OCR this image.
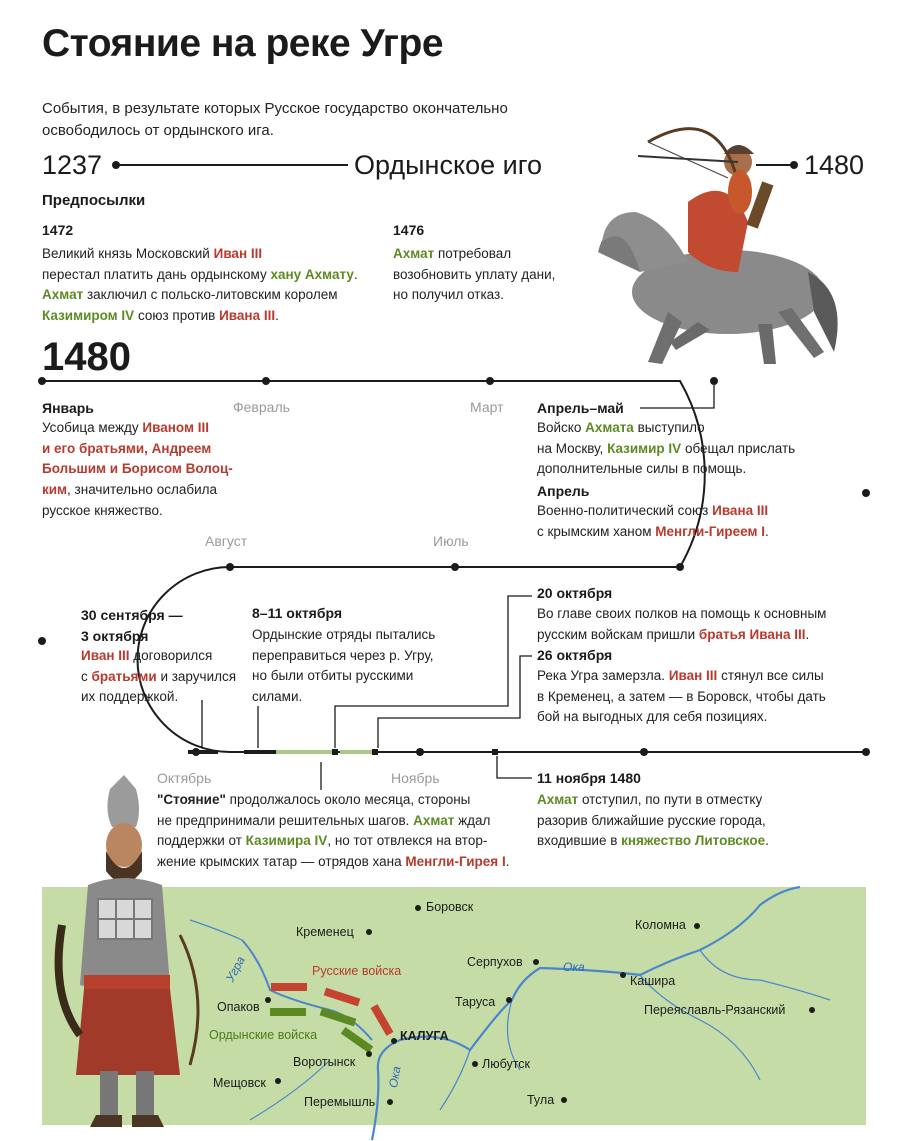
Стояние на реке Угре
События, в результате которых Русское государство окончательно освободилось от ордынского ига.
1237	Ордынское иго	1480
Предпосылки
1472
Великий князь Московский Иван III
перестал платить дань ордынскому хану Ахмату.
Ахмат заключил с польско-литовским королем
Казимиром IV союз против Ивана III.
1476
Ахмат потребовал
возобновить уплату дани,
но получил отказ.
1480
Февраль	Март
Август	Июль
Октябрь	Ноябрь
Январь
Усобица между Иваном III
и его братьями, Андреем
Большим и Борисом Волоц-
ким, значительно ослабила
русское княжество.
Апрель–май
Войско Ахмата выступило
на Москву, Казимир IV обещал прислать
дополнительные силы в помощь.
Апрель
Военно-политический союз Ивана III
с крымским ханом Менгли-Гиреем I.
30 сентября —
3 октября
Иван III договорился
с братьями и заручился
их поддержкой.
8–11 октября
Ордынские отряды пытались
переправиться через р. Угру,
но были отбиты русскими
силами.
20 октября
Во главе своих полков на помощь к основным
русским войскам пришли братья Ивана III.
26 октября
Река Угра замерзла. Иван III стянул все силы
в Кременец, а затем — в Боровск, чтобы дать
бой на выгодных для себя позициях.
"Стояние" продолжалось около месяца, стороны
не предпринимали решительных шагов. Ахмат ждал
поддержки от Казимира IV, но тот отвлекся на втор-
жение крымских татар — отрядов хана Менгли-Гирея I.
11 ноября 1480
Ахмат отступил, по пути в отместку
разорив ближайшие русские города,
входившие в княжество Литовское.
Боровск
Кременец
Серпухов
Коломна
Кашира
Таруса
Переяславль-Рязанский
Опаков
КАЛУГА
Воротынск	Любутск
Мещовск
Перемышль	Тула
Угра	Ока
Ока
Русские войска
Ордынские войска
